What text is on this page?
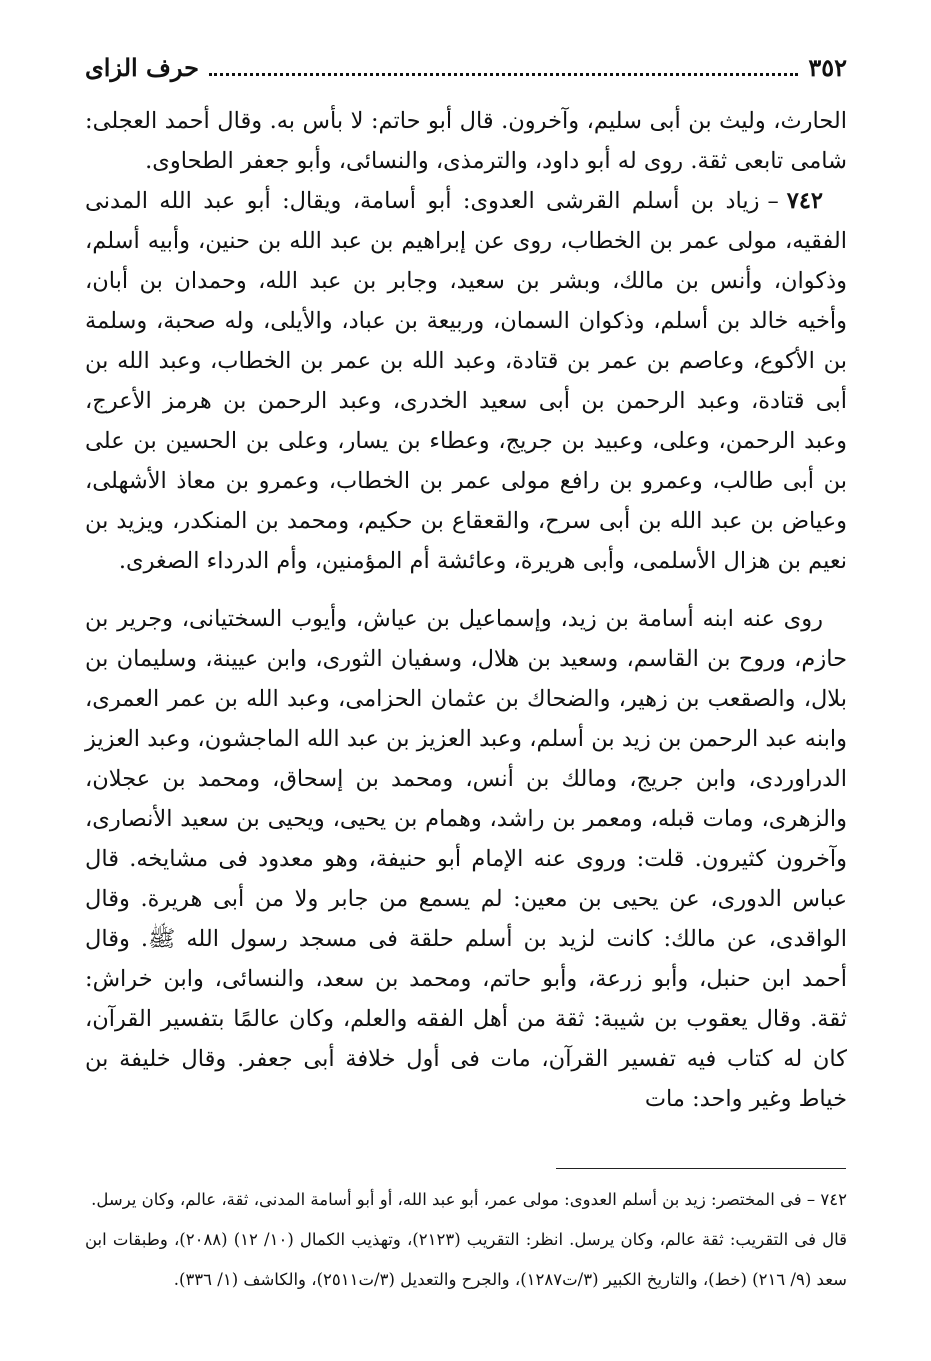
٣٥٢
حرف الزاى

الحارث، وليث بن أبى سليم، وآخرون. قال أبو حاتم: لا بأس به. وقال أحمد العجلى: شامى تابعى ثقة. روى له أبو داود، والترمذى، والنسائى، وأبو جعفر الطحاوى.

٧٤٢–زياد بن أسلم القرشى العدوى: أبو أسامة، ويقال: أبو عبد الله المدنى الفقيه، مولى عمر بن الخطاب، روى عن إبراهيم بن عبد الله بن حنين، وأبيه أسلم، وذكوان، وأنس بن مالك، وبشر بن سعيد، وجابر بن عبد الله، وحمدان بن أبان، وأخيه خالد بن أسلم، وذكوان السمان، وربيعة بن عباد، والأيلى، وله صحبة، وسلمة بن الأكوع، وعاصم بن عمر بن قتادة، وعبد الله بن عمر بن الخطاب، وعبد الله بن أبى قتادة، وعبد الرحمن بن أبى سعيد الخدرى، وعبد الرحمن بن هرمز الأعرج، وعبد الرحمن، وعلى، وعبيد بن جريج، وعطاء بن يسار، وعلى بن الحسين بن على بن أبى طالب، وعمرو بن رافع مولى عمر بن الخطاب، وعمرو بن معاذ الأشهلى، وعياض بن عبد الله بن أبى سرح، والقعقاع بن حكيم، ومحمد بن المنكدر، ويزيد بن نعيم بن هزال الأسلمى، وأبى هريرة، وعائشة أم المؤمنين، وأم الدرداء الصغرى.

روى عنه ابنه أسامة بن زيد، وإسماعيل بن عياش، وأيوب السختيانى، وجرير بن حازم، وروح بن القاسم، وسعيد بن هلال، وسفيان الثورى، وابن عيينة، وسليمان بن بلال، والصقعب بن زهير، والضحاك بن عثمان الحزامى، وعبد الله بن عمر العمرى، وابنه عبد الرحمن بن زيد بن أسلم، وعبد العزيز بن عبد الله الماجشون، وعبد العزيز الدراوردى، وابن جريج، ومالك بن أنس، ومحمد بن إسحاق، ومحمد بن عجلان، والزهرى، ومات قبله، ومعمر بن راشد، وهمام بن يحيى، ويحيى بن سعيد الأنصارى، وآخرون كثيرون. قلت: وروى عنه الإمام أبو حنيفة، وهو معدود فى مشايخه. قال عباس الدورى، عن يحيى بن معين: لم يسمع من جابر ولا من أبى هريرة. وقال الواقدى، عن مالك: كانت لزيد بن أسلم حلقة فى مسجد رسول الله ﷺ. وقال أحمد ابن حنبل، وأبو زرعة، وأبو حاتم، ومحمد بن سعد، والنسائى، وابن خراش: ثقة. وقال يعقوب بن شيبة: ثقة من أهل الفقه والعلم، وكان عالمًا بتفسير القرآن، كان له كتاب فيه تفسير القرآن، مات فى أول خلافة أبى جعفر. وقال خليفة بن خياط وغير واحد: مات

٧٤٢ – فى المختصر: زيد بن أسلم العدوى: مولى عمر، أبو عبد الله، أو أبو أسامة المدنى، ثقة، عالم، وكان يرسل.

قال فى التقريب: ثقة عالم، وكان يرسل. انظر: التقريب (٢١٢٣)، وتهذيب الكمال (١٠/ ١٢) (٢٠٨٨)، وطبقات ابن سعد (٩/ ٢١٦) (خط)، والتاريخ الكبير (٣/ت١٢٨٧)، والجرح والتعديل (٣/ت٢٥١١)، والكاشف (١/ ٣٣٦).
